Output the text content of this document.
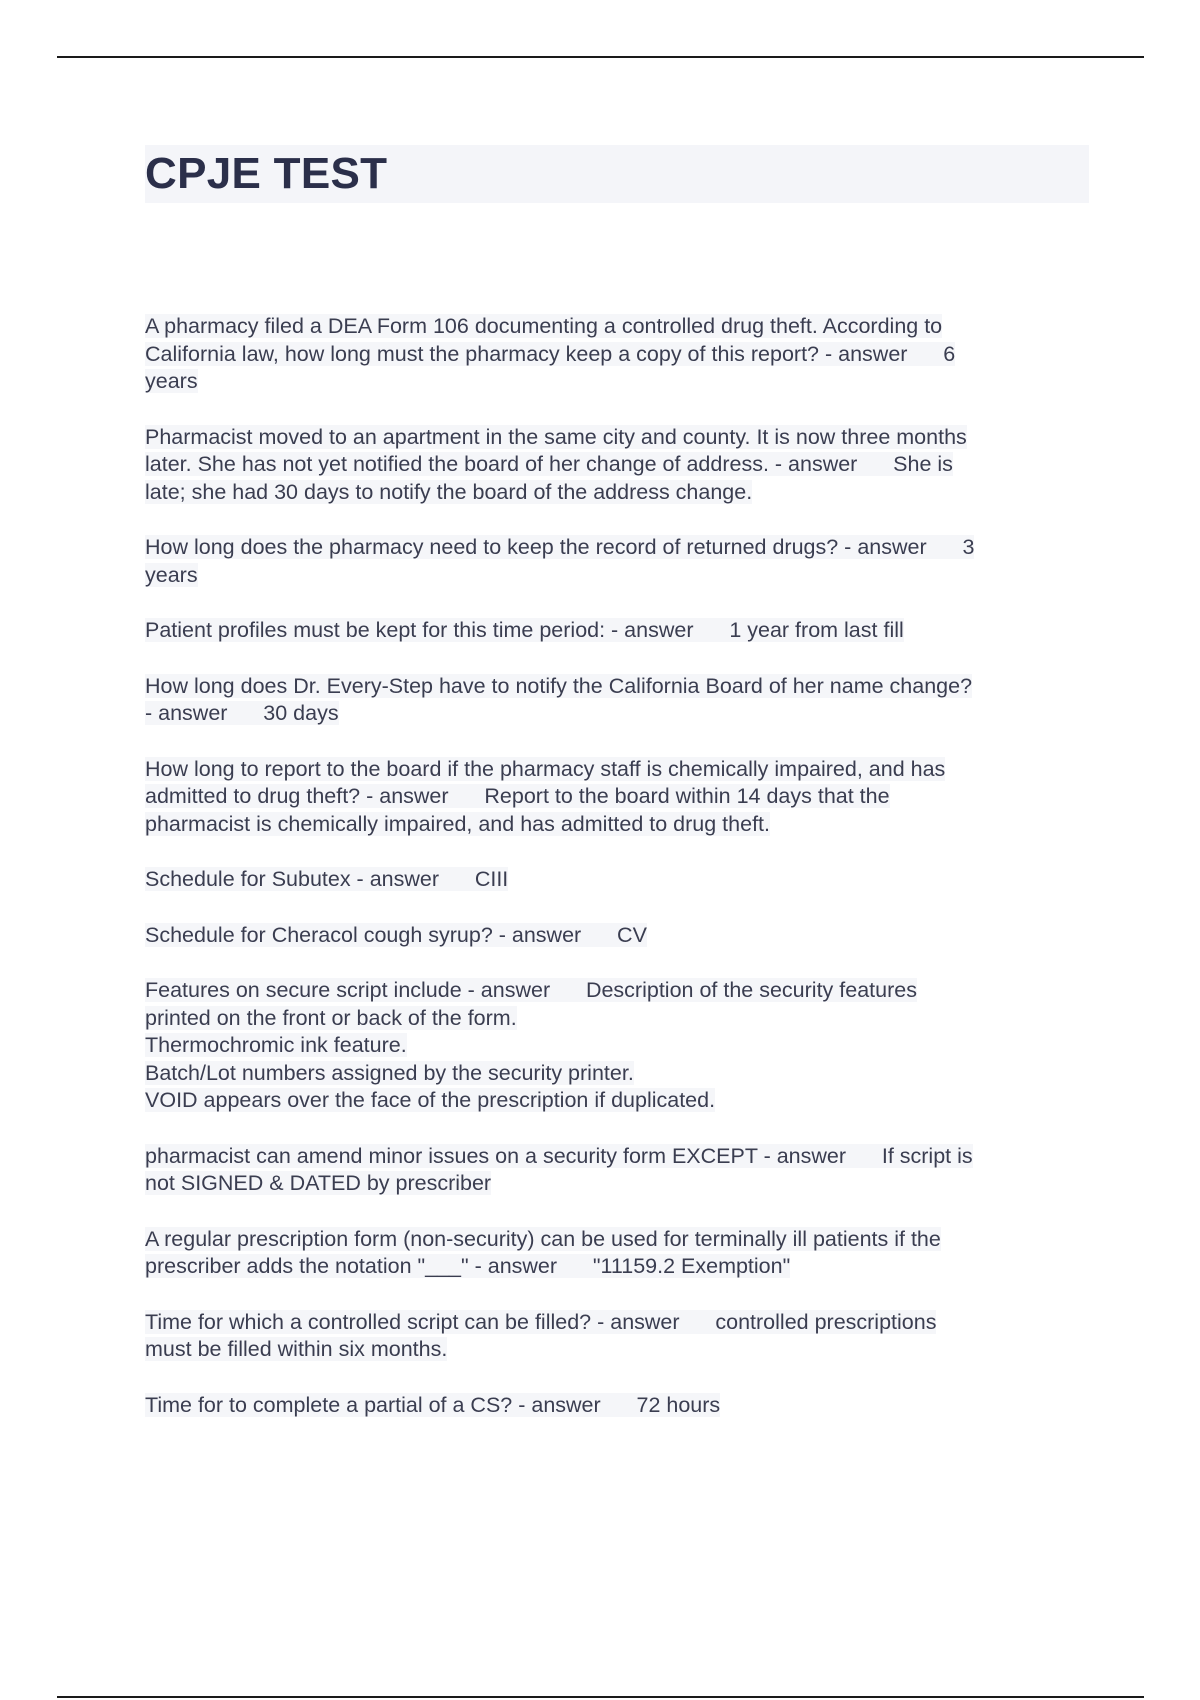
CPJE TEST

A pharmacy filed a DEA Form 106 documenting a controlled drug theft. According to
California law, how long must the pharmacy keep a copy of this report? - answer      6
years

Pharmacist moved to an apartment in the same city and county. It is now three months
later. She has not yet notified the board of her change of address. - answer      She is
late; she had 30 days to notify the board of the address change.

How long does the pharmacy need to keep the record of returned drugs? - answer      3
years

Patient profiles must be kept for this time period: - answer      1 year from last fill

How long does Dr. Every-Step have to notify the California Board of her name change?
- answer      30 days

How long to report to the board if the pharmacy staff is chemically impaired, and has
admitted to drug theft? - answer      Report to the board within 14 days that the
pharmacist is chemically impaired, and has admitted to drug theft.

Schedule for Subutex - answer      CIII

Schedule for Cheracol cough syrup? - answer      CV

Features on secure script include - answer      Description of the security features
printed on the front or back of the form.
Thermochromic ink feature.
Batch/Lot numbers assigned by the security printer.
VOID appears over the face of the prescription if duplicated.

pharmacist can amend minor issues on a security form EXCEPT - answer      If script is
not SIGNED & DATED by prescriber

A regular prescription form (non-security) can be used for terminally ill patients if the
prescriber adds the notation "___" - answer      "11159.2 Exemption"

Time for which a controlled script can be filled? - answer      controlled prescriptions
must be filled within six months.

Time for to complete a partial of a CS? - answer      72 hours
